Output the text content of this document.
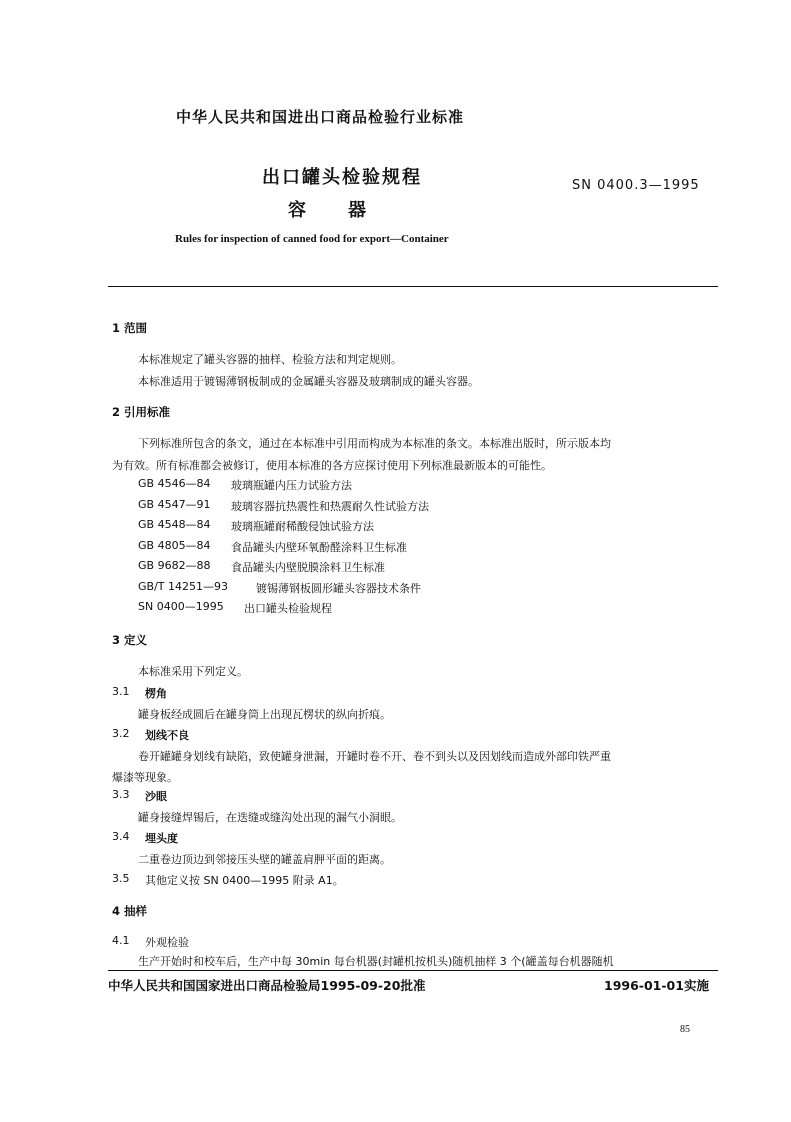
中华人民共和国进出口商品检验行业标准
出口罐头检验规程
容器
SN 0400.3—1995
Rules for inspection of canned food for export—Container
1 范围
本标准规定了罐头容器的抽样、检验方法和判定规则。
本标准适用于镀锡薄钢板制成的金属罐头容器及玻璃制成的罐头容器。
2 引用标准
下列标准所包含的条文，通过在本标准中引用而构成为本标准的条文。本标准出版时，所示版本均
为有效。所有标准都会被修订，使用本标准的各方应探讨使用下列标准最新版本的可能性。
GB 4546—84 玻璃瓶罐内压力试验方法
GB 4547—91 玻璃容器抗热震性和热震耐久性试验方法
GB 4548—84 玻璃瓶罐耐稀酸侵蚀试验方法
GB 4805—84 食品罐头内壁环氧酚醛涂料卫生标准
GB 9682—88 食品罐头内壁脱膜涂料卫生标准
GB/T 14251—93	镀锡薄钢板圆形罐头容器技术条件
SN 0400—1995 出口罐头检验规程
3 定义
本标准采用下列定义。
3.1 楞角
罐身板经成圆后在罐身筒上出现瓦楞状的纵向折痕。
3.2 划线不良
卷开罐罐身划线有缺陷，致使罐身泄漏，开罐时卷不开、卷不到头以及因划线而造成外部印铁严重
爆漆等现象。
3.3 沙眼
罐身接缝焊锡后，在迭缝或缝沟处出现的漏气小洞眼。
3.4 埋头度
二重卷边顶边到邻接压头壁的罐盖肩胛平面的距离。
3.5 其他定义按 SN 0400—1995 附录 A1。
4 抽样
4.1 外观检验
生产开始时和校车后，生产中每 30min 每台机器(封罐机按机头)随机抽样 3 个(罐盖每台机器随机
中华人民共和国国家进出口商品检验局1995-09-20批准	1996-01-01实施
85
